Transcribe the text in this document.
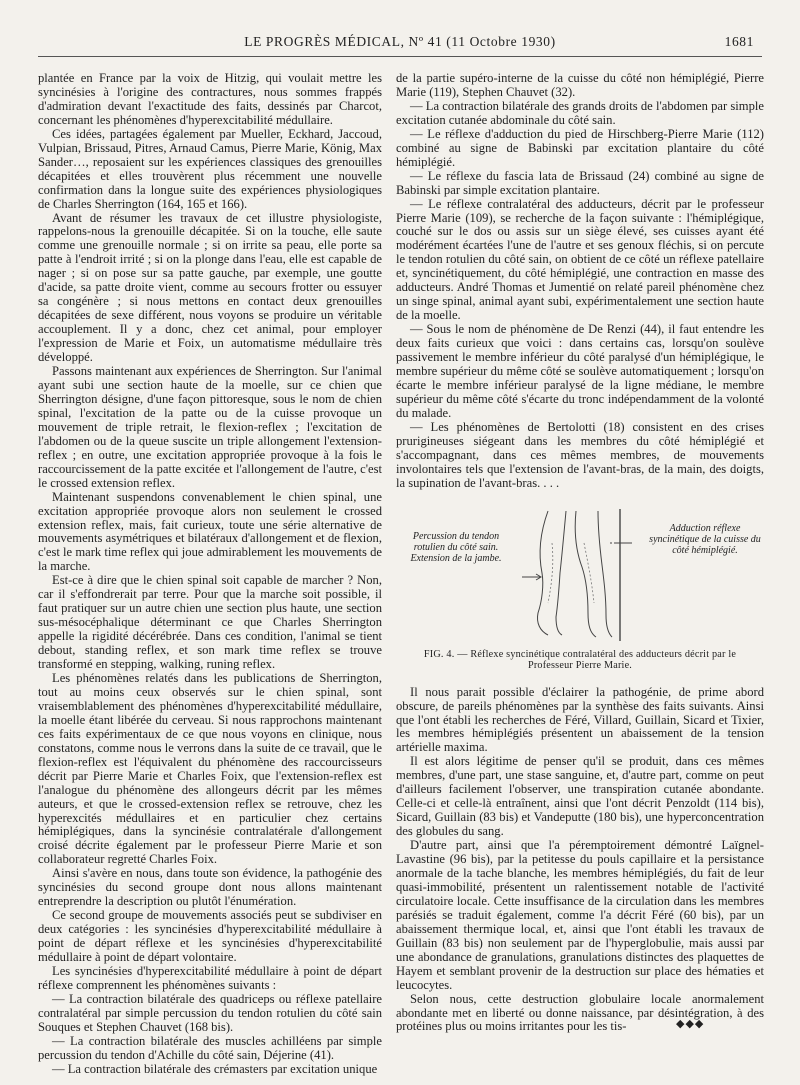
LE PROGRÈS MÉDICAL, Nº 41 (11 Octobre 1930)	1681

plantée en France par la voix de Hitzig, qui voulait mettre les syncinésies à l'origine des contractures, nous sommes frappés d'admiration devant l'exactitude des faits, dessinés par Charcot, concernant les phénomènes d'hyperexcitabilité médullaire.

Ces idées, partagées également par Mueller, Eckhard, Jaccoud, Vulpian, Brissaud, Pitres, Arnaud Camus, Pierre Marie, König, Max Sander…, reposaient sur les expériences classiques des grenouilles décapitées et elles trouvèrent plus récemment une nouvelle confirmation dans la longue suite des expériences physiologiques de Charles Sherrington (164, 165 et 166).

Avant de résumer les travaux de cet illustre physiologiste, rappelons-nous la grenouille décapitée. Si on la touche, elle saute comme une grenouille normale ; si on irrite sa peau, elle porte sa patte à l'endroit irrité ; si on la plonge dans l'eau, elle est capable de nager ; si on pose sur sa patte gauche, par exemple, une goutte d'acide, sa patte droite vient, comme au secours frotter ou essuyer sa congénère ; si nous mettons en contact deux grenouilles décapitées de sexe différent, nous voyons se produire un véritable accouplement. Il y a donc, chez cet animal, pour employer l'expression de Marie et Foix, un automatisme médullaire très développé.

Passons maintenant aux expériences de Sherrington. Sur l'animal ayant subi une section haute de la moelle, sur ce chien que Sherrington désigne, d'une façon pittoresque, sous le nom de chien spinal, l'excitation de la patte ou de la cuisse provoque un mouvement de triple retrait, le flexion-reflex ; l'excitation de l'abdomen ou de la queue suscite un triple allongement l'extension-reflex ; en outre, une excitation appropriée provoque à la fois le raccourcissement de la patte excitée et l'allongement de l'autre, c'est le crossed extension reflex.

Maintenant suspendons convenablement le chien spinal, une excitation appropriée provoque alors non seulement le crossed extension reflex, mais, fait curieux, toute une série alternative de mouvements asymétriques et bilatéraux d'allongement et de flexion, c'est le mark time reflex qui joue admirablement les mouvements de la marche.

Est-ce à dire que le chien spinal soit capable de marcher ? Non, car il s'effondrerait par terre. Pour que la marche soit possible, il faut pratiquer sur un autre chien une section plus haute, une section sus-mésocéphalique déterminant ce que Charles Sherrington appelle la rigidité décérébrée. Dans ces condition, l'animal se tient debout, standing reflex, et son mark time reflex se trouve transformé en stepping, walking, runing reflex.

Les phénomènes relatés dans les publications de Sherrington, tout au moins ceux observés sur le chien spinal, sont vraisemblablement des phénomènes d'hyperexcitabilité médullaire, la moelle étant libérée du cerveau. Si nous rapprochons maintenant ces faits expérimentaux de ce que nous voyons en clinique, nous constatons, comme nous le verrons dans la suite de ce travail, que le flexion-reflex est l'équivalent du phénomène des raccourcisseurs décrit par Pierre Marie et Charles Foix, que l'extension-reflex est l'analogue du phénomène des allongeurs décrit par les mêmes auteurs, et que le crossed-extension reflex se retrouve, chez les hyperexcités médullaires et en particulier chez certains hémiplégiques, dans la syncinésie contralatérale d'allongement croisé décrite également par le professeur Pierre Marie et son collaborateur regretté Charles Foix.

Ainsi s'avère en nous, dans toute son évidence, la pathogénie des syncinésies du second groupe dont nous allons maintenant entreprendre la description ou plutôt l'énumération.

Ce second groupe de mouvements associés peut se subdiviser en deux catégories : les syncinésies d'hyperexcitabilité médullaire à point de départ réflexe et les syncinésies d'hyperexcitabilité médullaire à point de départ volontaire.

Les syncinésies d'hyperexcitabilité médullaire à point de départ réflexe comprennent les phénomènes suivants :

— La contraction bilatérale des quadriceps ou réflexe patellaire contralatéral par simple percussion du tendon rotulien du côté sain Souques et Stephen Chauvet (168 bis).

— La contraction bilatérale des muscles achilléens par simple percussion du tendon d'Achille du côté sain, Déjerine (41).

— La contraction bilatérale des crémasters par excitation unique

de la partie supéro-interne de la cuisse du côté non hémiplégié, Pierre Marie (119), Stephen Chauvet (32).

— La contraction bilatérale des grands droits de l'abdomen par simple excitation cutanée abdominale du côté sain.

— Le réflexe d'adduction du pied de Hirschberg-Pierre Marie (112) combiné au signe de Babinski par excitation plantaire du côté hémiplégié.

— Le réflexe du fascia lata de Brissaud (24) combiné au signe de Babinski par simple excitation plantaire.

— Le réflexe contralatéral des adducteurs, décrit par le professeur Pierre Marie (109), se recherche de la façon suivante : l'hémiplégique, couché sur le dos ou assis sur un siège élevé, ses cuisses ayant été modérément écartées l'une de l'autre et ses genoux fléchis, si on percute le tendon rotulien du côté sain, on obtient de ce côté un réflexe patellaire et, syncinétiquement, du côté hémiplégié, une contraction en masse des adducteurs. André Thomas et Jumentié on relaté pareil phénomène chez un singe spinal, animal ayant subi, expérimentalement une section haute de la moelle.

— Sous le nom de phénomène de De Renzi (44), il faut entendre les deux faits curieux que voici : dans certains cas, lorsqu'on soulève passivement le membre inférieur du côté paralysé d'un hémiplégique, le membre supérieur du même côté se soulève automatiquement ; lorsqu'on écarte le membre inférieur paralysé de la ligne médiane, le membre supérieur du même côté s'écarte du tronc indépendamment de la volonté du malade.

— Les phénomènes de Bertolotti (18) consistent en des crises prurigineuses siégeant dans les membres du côté hémiplégié et s'accompagnant, dans ces mêmes membres, de mouvements involontaires tels que l'extension de l'avant-bras, de la main, des doigts, la supination de l'avant-bras. . . .

Percussion du tendon rotulien du côté sain. Extension de la jambe.
Adduction réflexe syncinétique de la cuisse du côté hémiplégié.
FIG. 4. — Réflexe syncinétique contralatéral des adducteurs décrit par le Professeur Pierre Marie.

Il nous parait possible d'éclairer la pathogénie, de prime abord obscure, de pareils phénomènes par la synthèse des faits suivants. Ainsi que l'ont établi les recherches de Féré, Villard, Guillain, Sicard et Tixier, les membres hémiplégiés présentent un abaissement de la tension artérielle maxima.

Il est alors légitime de penser qu'il se produit, dans ces mêmes membres, d'une part, une stase sanguine, et, d'autre part, comme on peut d'ailleurs facilement l'observer, une transpiration cutanée abondante. Celle-ci et celle-là entraînent, ainsi que l'ont décrit Penzoldt (114 bis), Sicard, Guillain (83 bis) et Vandeputte (180 bis), une hyperconcentration des globules du sang.

D'autre part, ainsi que l'a péremptoirement démontré Laïgnel-Lavastine (96 bis), par la petitesse du pouls capillaire et la persistance anormale de la tache blanche, les membres hémiplégiés, du fait de leur quasi-immobilité, présentent un ralentissement notable de l'activité circulatoire locale. Cette insuffisance de la circulation dans les membres parésiés se traduit également, comme l'a décrit Féré (60 bis), par un abaissement thermique local, et, ainsi que l'ont établi les travaux de Guillain (83 bis) non seulement par de l'hyperglobulie, mais aussi par une abondance de granulations, granulations distinctes des plaquettes de Hayem et semblant provenir de la destruction sur place des hématies et leucocytes.

Selon nous, cette destruction globulaire locale anormalement abondante met en liberté ou donne naissance, par désintégration, à des protéines plus ou moins irritantes pour les tis-	◆◆◆
